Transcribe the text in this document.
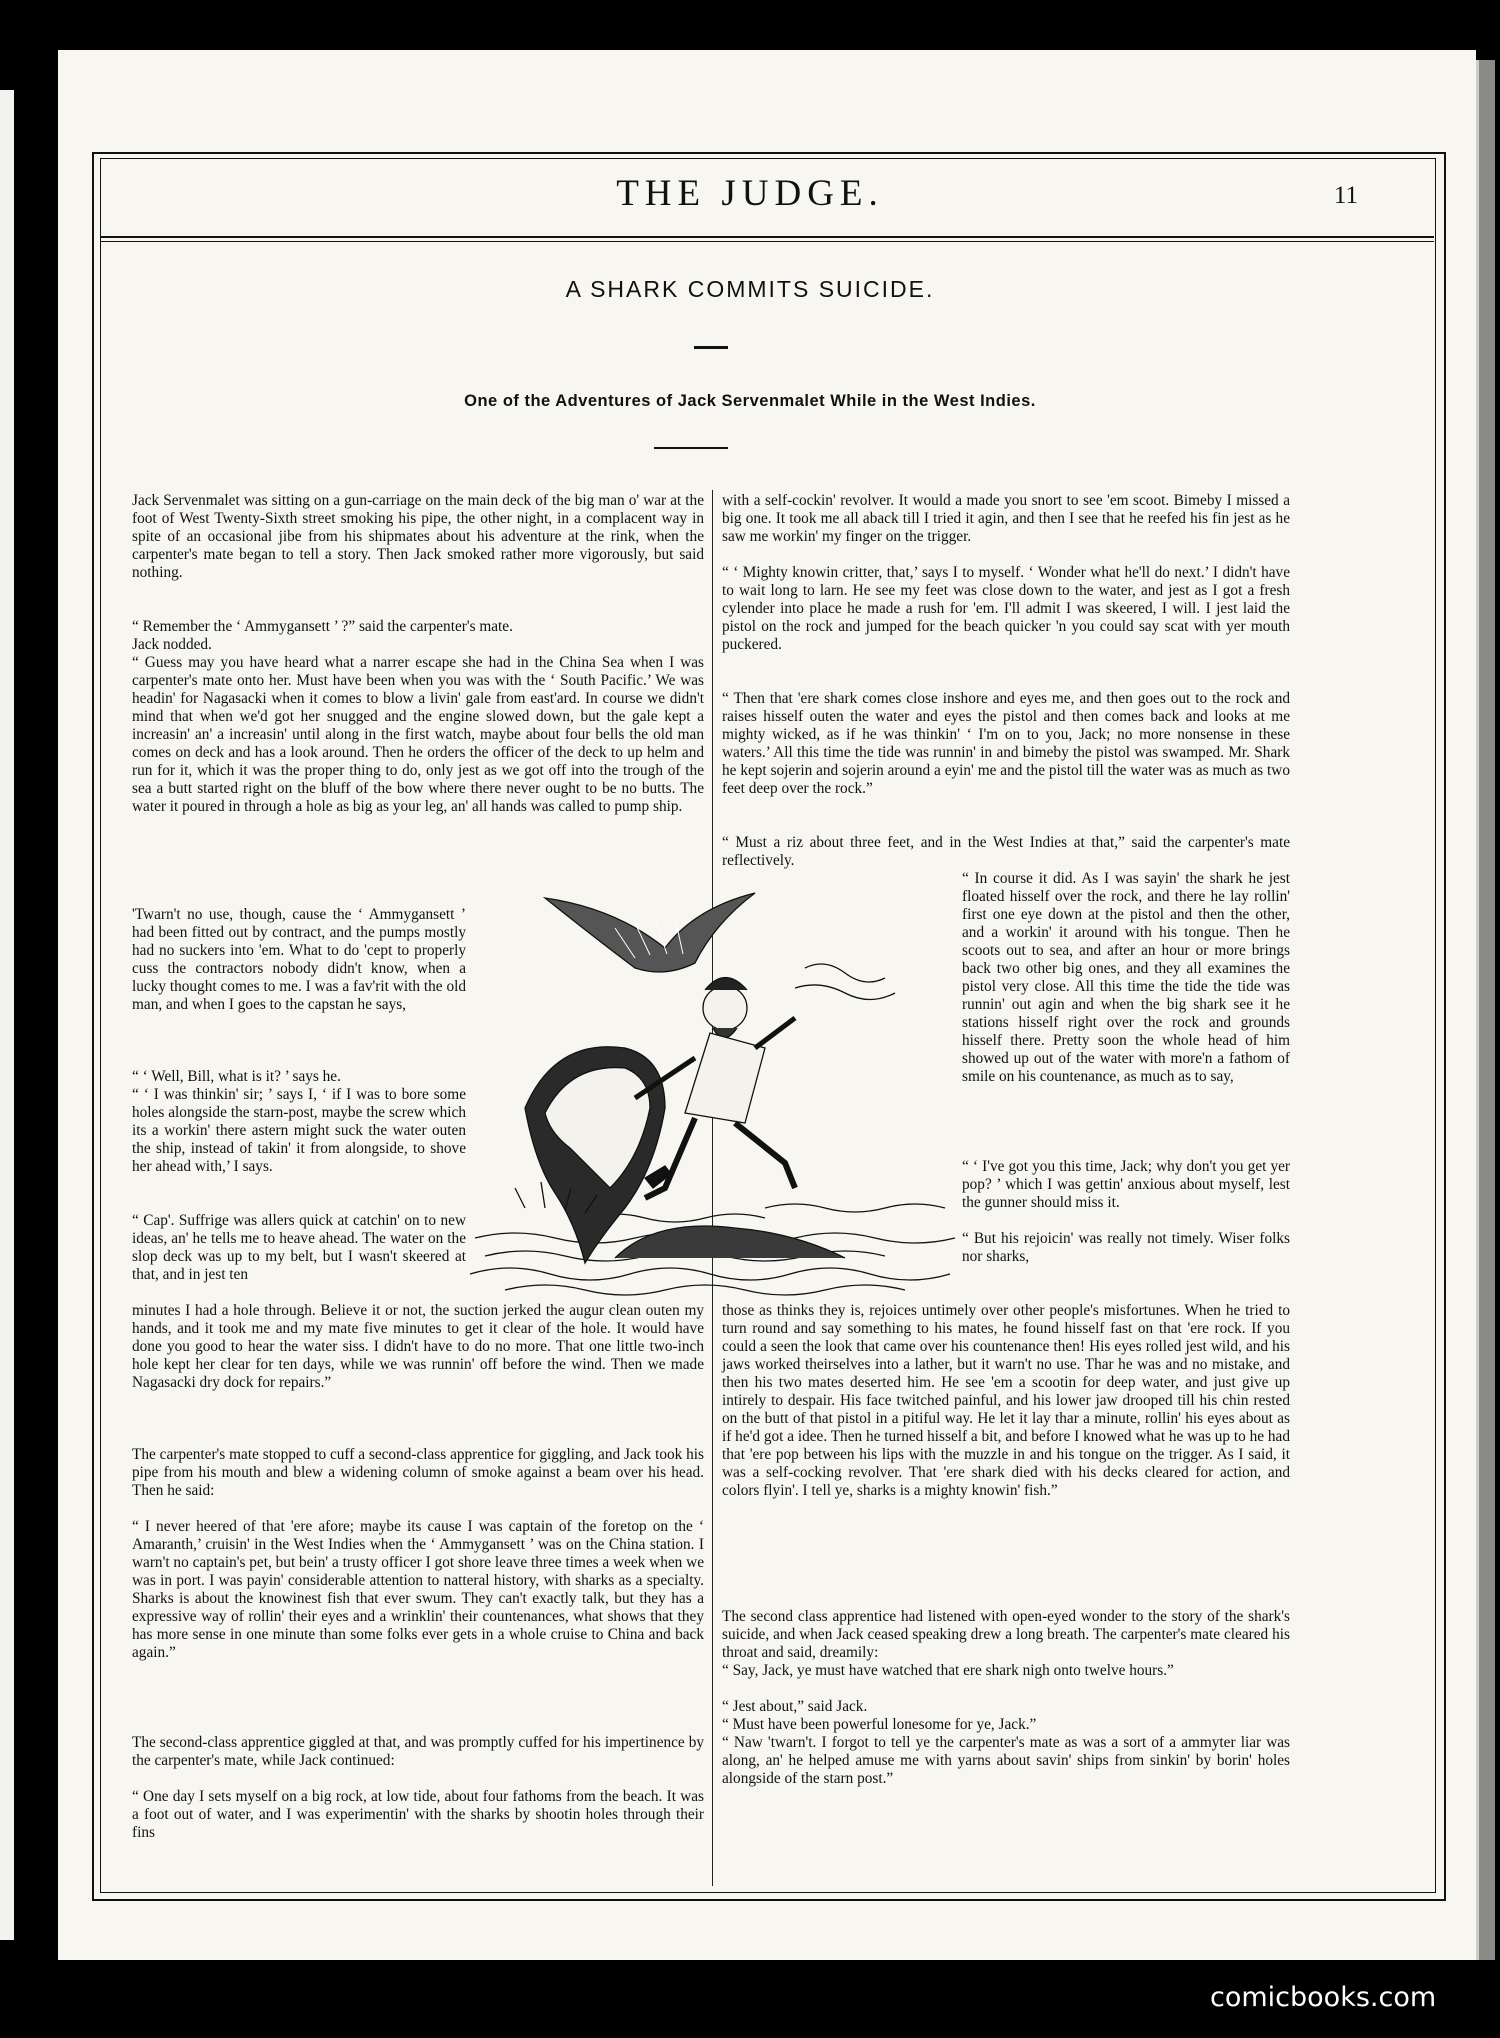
THE JUDGE.	11
A SHARK COMMITS SUICIDE.
One of the Adventures of Jack Servenmalet While in the West Indies.

Jack Servenmalet was sitting on a gun-carriage on the main deck of the big man o' war at the foot of West Twenty-Sixth street smoking his pipe, the other night, in a complacent way in spite of an occasional jibe from his shipmates about his adventure at the rink, when the carpenter's mate began to tell a story. Then Jack smoked rather more vigorously, but said nothing.

“ Remember the ‘ Ammygansett ’ ?” said the carpenter's mate.

Jack nodded.

“ Guess may you have heard what a narrer escape she had in the China Sea when I was carpenter's mate onto her. Must have been when you was with the ‘ South Pacific.’ We was headin' for Nagasacki when it comes to blow a livin' gale from east'ard. In course we didn't mind that when we'd got her snugged and the engine slowed down, but the gale kept a increasin' an' a increasin' until along in the first watch, maybe about four bells the old man comes on deck and has a look around. Then he orders the officer of the deck to up helm and run for it, which it was the proper thing to do, only jest as we got off into the trough of the sea a butt started right on the bluff of the bow where there never ought to be no butts. The water it poured in through a hole as big as your leg, an' all hands was called to pump ship.

'Twarn't no use, though, cause the ‘ Ammygansett ’ had been fitted out by contract, and the pumps mostly had no suckers into 'em. What to do 'cept to properly cuss the contractors nobody didn't know, when a lucky thought comes to me. I was a fav'rit with the old man, and when I goes to the capstan he says,

“ ‘ Well, Bill, what is it? ’ says he.

“ ‘ I was thinkin' sir; ’ says I, ‘ if I was to bore some holes alongside the starn-post, maybe the screw which its a workin' there astern might suck the water outen the ship, instead of takin' it from alongside, to shove her ahead with,’ I says.

“ Cap'. Suffrige was allers quick at catchin' on to new ideas, an' he tells me to heave ahead. The water on the slop deck was up to my belt, but I wasn't skeered at that, and in jest ten

minutes I had a hole through. Believe it or not, the suction jerked the augur clean outen my hands, and it took me and my mate five minutes to get it clear of the hole. It would have done you good to hear the water siss. I didn't have to do no more. That one little two-inch hole kept her clear for ten days, while we was runnin' off before the wind. Then we made Nagasacki dry dock for repairs.”

The carpenter's mate stopped to cuff a second-class apprentice for giggling, and Jack took his pipe from his mouth and blew a widening column of smoke against a beam over his head. Then he said:

“ I never heered of that 'ere afore; maybe its cause I was captain of the foretop on the ‘ Amaranth,’ cruisin' in the West Indies when the ‘ Ammygansett ’ was on the China station. I warn't no captain's pet, but bein' a trusty officer I got shore leave three times a week when we was in port. I was payin' considerable attention to natteral history, with sharks as a specialty. Sharks is about the knowinest fish that ever swum. They can't exactly talk, but they has a expressive way of rollin' their eyes and a wrinklin' their countenances, what shows that they has more sense in one minute than some folks ever gets in a whole cruise to China and back again.”

The second-class apprentice giggled at that, and was promptly cuffed for his impertinence by the carpenter's mate, while Jack continued:

“ One day I sets myself on a big rock, at low tide, about four fathoms from the beach. It was a foot out of water, and I was experimentin' with the sharks by shootin holes through their fins

with a self-cockin' revolver. It would a made you snort to see 'em scoot. Bimeby I missed a big one. It took me all aback till I tried it agin, and then I see that he reefed his fin jest as he saw me workin' my finger on the trigger.

“ ‘ Mighty knowin critter, that,’ says I to myself. ‘ Wonder what he'll do next.’ I didn't have to wait long to larn. He see my feet was close down to the water, and jest as I got a fresh cylender into place he made a rush for 'em. I'll admit I was skeered, I will. I jest laid the pistol on the rock and jumped for the beach quicker 'n you could say scat with yer mouth puckered.

“ Then that 'ere shark comes close inshore and eyes me, and then goes out to the rock and raises hisself outen the water and eyes the pistol and then comes back and looks at me mighty wicked, as if he was thinkin' ‘ I'm on to you, Jack; no more nonsense in these waters.’ All this time the tide was runnin' in and bimeby the pistol was swamped. Mr. Shark he kept sojerin and sojerin around a eyin' me and the pistol till the water was as much as two feet deep over the rock.”

“ Must a riz about three feet, and in the West Indies at that,” said the carpenter's mate reflectively.

“ In course it did. As I was sayin' the shark he jest floated hisself over the rock, and there he lay rollin' first one eye down at the pistol and then the other, and a workin' it around with his tongue. Then he scoots out to sea, and after an hour or more brings back two other big ones, and they all examines the pistol very close. All this time the tide the tide was runnin' out agin and when the big shark see it he stations hisself right over the rock and grounds hisself there. Pretty soon the whole head of him showed up out of the water with more'n a fathom of smile on his countenance, as much as to say,

“ ‘ I've got you this time, Jack; why don't you get yer pop? ’ which I was gettin' anxious about myself, lest the gunner should miss it.

“ But his rejoicin' was really not timely. Wiser folks nor sharks,

those as thinks they is, rejoices untimely over other people's misfortunes. When he tried to turn round and say something to his mates, he found hisself fast on that 'ere rock. If you could a seen the look that came over his countenance then! His eyes rolled jest wild, and his jaws worked theirselves into a lather, but it warn't no use. Thar he was and no mistake, and then his two mates deserted him. He see 'em a scootin for deep water, and just give up intirely to despair. His face twitched painful, and his lower jaw drooped till his chin rested on the butt of that pistol in a pitiful way. He let it lay thar a minute, rollin' his eyes about as if he'd got a idee. Then he turned hisself a bit, and before I knowed what he was up to he had that 'ere pop between his lips with the muzzle in and his tongue on the trigger. As I said, it was a self-cocking revolver. That 'ere shark died with his decks cleared for action, and colors flyin'. I tell ye, sharks is a mighty knowin' fish.”

The second class apprentice had listened with open-eyed wonder to the story of the shark's suicide, and when Jack ceased speaking drew a long breath. The carpenter's mate cleared his throat and said, dreamily:

“ Say, Jack, ye must have watched that ere shark nigh onto twelve hours.”

“ Jest about,” said Jack.

“ Must have been powerful lonesome for ye, Jack.”

“ Naw 'twarn't. I forgot to tell ye the carpenter's mate as was a sort of a ammyter liar was along, an' he helped amuse me with yarns about savin' ships from sinkin' by borin' holes alongside of the starn post.”

comicbooks.com
